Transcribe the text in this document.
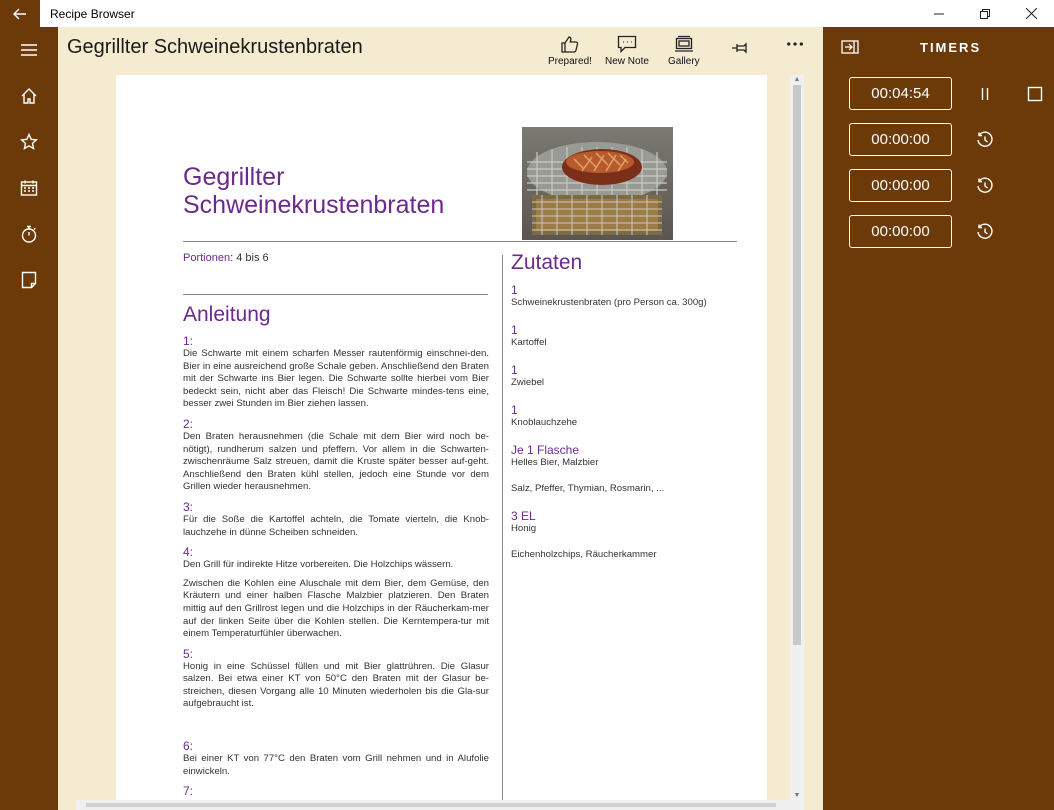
Recipe Browser
Gegrillter Schweinekrustenbraten
Prepared! New Note Gallery
Gegrillter Schweinekrustenbraten
Portionen: 4 bis 6
Anleitung
1:
Die Schwarte mit einem scharfen Messer rautenförmig einschnei-den. Bier in eine ausreichend große Schale geben. Anschließend den Braten mit der Schwarte ins Bier legen. Die Schwarte sollte hierbei vom Bier bedeckt sein, nicht aber das Fleisch! Die Schwarte mindes-tens eine, besser zwei Stunden im Bier ziehen lassen.
2:
Den Braten herausnehmen (die Schale mit dem Bier wird noch be-nötigt), rundherum salzen und pfeffern. Vor allem in die Schwarten-zwischenräume Salz streuen, damit die Kruste später besser auf-geht. Anschließend den Braten kühl stellen, jedoch eine Stunde vor dem Grillen wieder herausnehmen.
3:
Für die Soße die Kartoffel achteln, die Tomate vierteln, die Knob-lauchzehe in dünne Scheiben schneiden.
4:
Den Grill für indirekte Hitze vorbereiten. Die Holzchips wässern.
Zwischen die Kohlen eine Aluschale mit dem Bier, dem Gemüse, den Kräutern und einer halben Flasche Malzbier platzieren. Den Braten mittig auf den Grillrost legen und die Holzchips in der Räucherkam-mer auf der linken Seite über die Kohlen stellen. Die Kerntempera-tur mit einem Temperaturfühler überwachen.
5:
Honig in eine Schüssel füllen und mit Bier glattrühren. Die Glasur salzen. Bei etwa einer KT von 50°C den Braten mit der Glasur be-streichen, diesen Vorgang alle 10 Minuten wiederholen bis die Gla-sur aufgebraucht ist.
6:
Bei einer KT von 77°C den Braten vom Grill nehmen und in Alufolie einwickeln.
7:
Zutaten
1
Schweinekrustenbraten (pro Person ca. 300g)
1
Kartoffel
1
Zwiebel
1
Knoblauchzehe
Je 1 Flasche
Helles Bier, Malzbier
Salz, Pfeffer, Thymian, Rosmarin, ...
3 EL
Honig
Eichenholzchips, Räucherkammer
▲
▼
TIMERS
00:04:54
00:00:00
00:00:00
00:00:00
